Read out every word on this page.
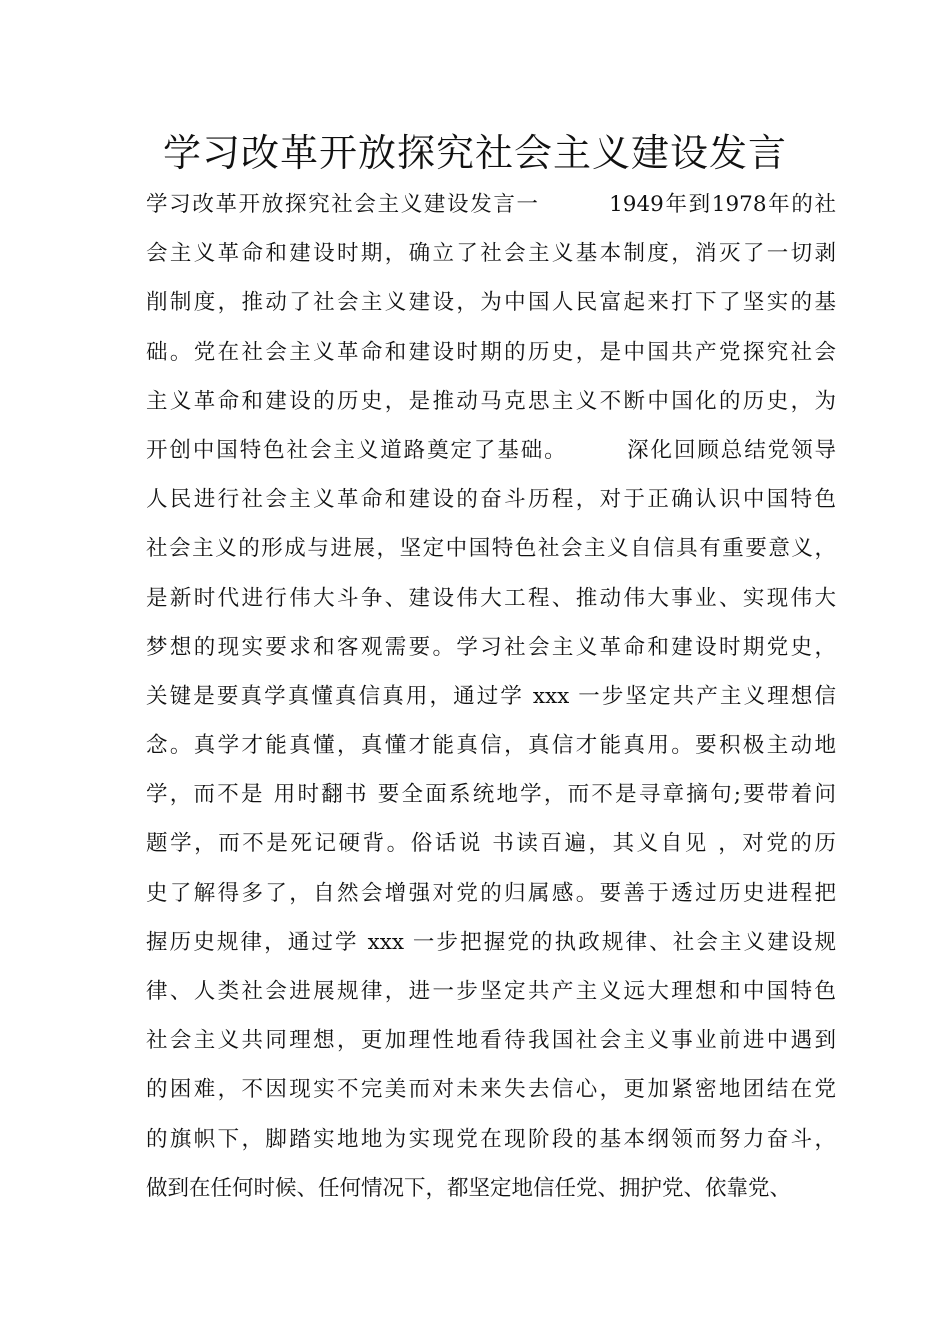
学习改革开放探究社会主义建设发言
学习改革开放探究社会主义建设发言一　　　1949年到1978年的社
会主义革命和建设时期，确立了社会主义基本制度，消灭了一切剥
削制度，推动了社会主义建设，为中国人民富起来打下了坚实的基
础。党在社会主义革命和建设时期的历史，是中国共产党探究社会
主义革命和建设的历史，是推动马克思主义不断中国化的历史，为
开创中国特色社会主义道路奠定了基础。　　　深化回顾总结党领导
人民进行社会主义革命和建设的奋斗历程，对于正确认识中国特色
社会主义的形成与进展，坚定中国特色社会主义自信具有重要意义，
是新时代进行伟大斗争、建设伟大工程、推动伟大事业、实现伟大
梦想的现实要求和客观需要。学习社会主义革命和建设时期党史，
关键是要真学真懂真信真用，通过学 xxx 一步坚定共产主义理想信
念。真学才能真懂，真懂才能真信，真信才能真用。要积极主动地
学，而不是 用时翻书 要全面系统地学，而不是寻章摘句;要带着问
题学，而不是死记硬背。俗话说 书读百遍，其义自见 ，对党的历
史了解得多了，自然会增强对党的归属感。要善于透过历史进程把
握历史规律，通过学 xxx 一步把握党的执政规律、社会主义建设规
律、人类社会进展规律，进一步坚定共产主义远大理想和中国特色
社会主义共同理想，更加理性地看待我国社会主义事业前进中遇到
的困难，不因现实不完美而对未来失去信心，更加紧密地团结在党
的旗帜下，脚踏实地地为实现党在现阶段的基本纲领而努力奋斗，
做到在任何时候、任何情况下，都坚定地信任党、拥护党、依靠党、
